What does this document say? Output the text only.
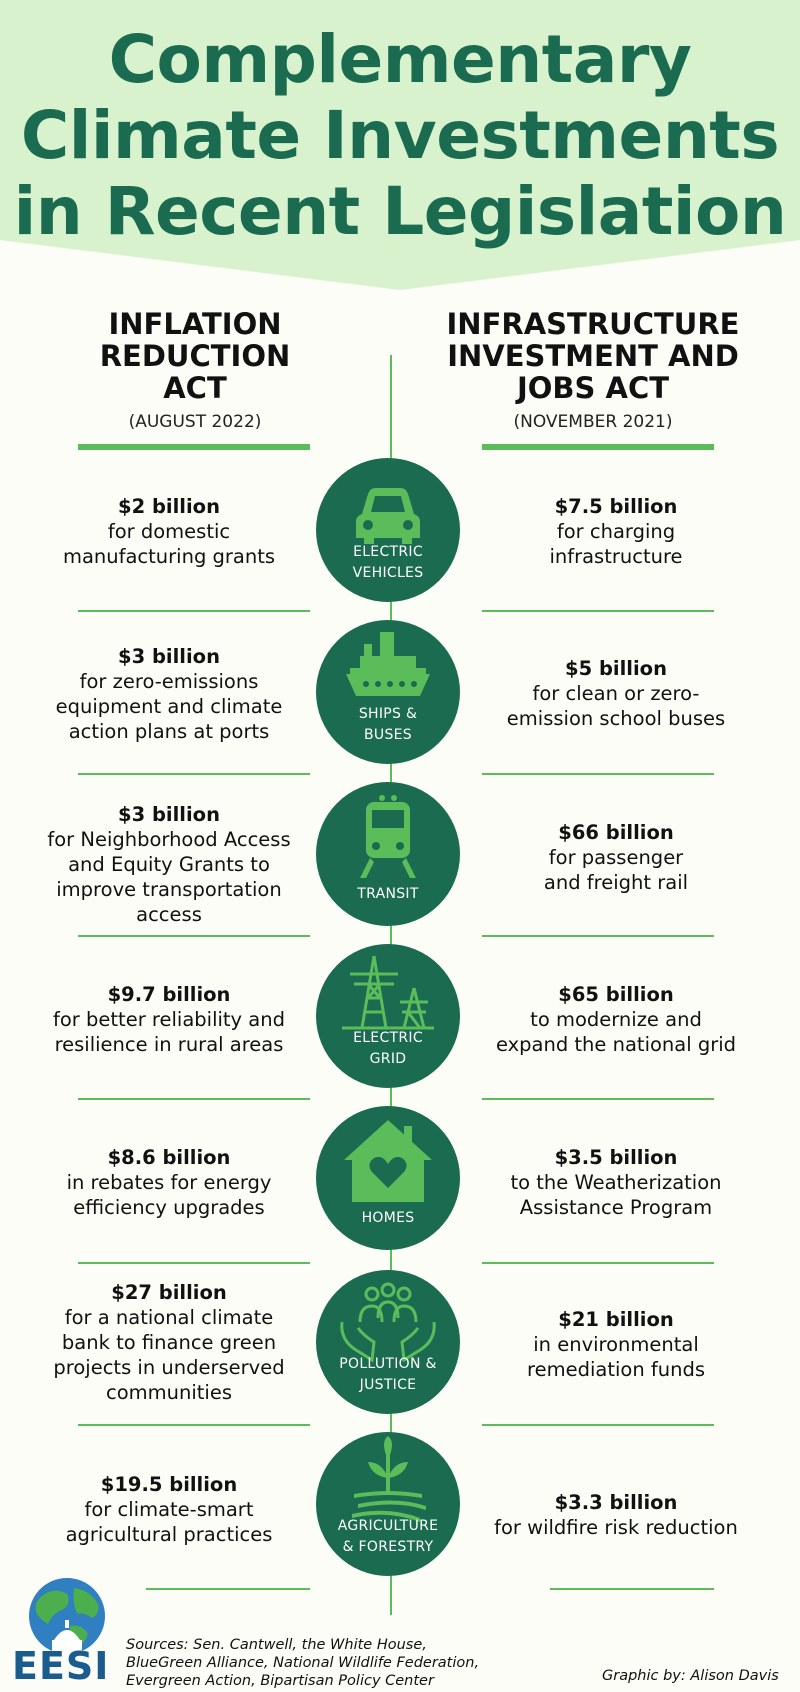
Complementary
Climate Investments
in Recent Legislation
INFLATION
REDUCTION
ACT
(AUGUST 2022)
INFRASTRUCTURE
INVESTMENT AND
JOBS ACT
(NOVEMBER 2021)
ELECTRIC
VEHICLES
$2 billion
for domestic
manufacturing grants
$7.5 billion
for charging
infrastructure
SHIPS &
BUSES
$3 billion
for zero-emissions
equipment and climate
action plans at ports
$5 billion
for clean or zero-
emission school buses
TRANSIT
$3 billion
for Neighborhood Access
and Equity Grants to
improve transportation
access
$66 billion
for passenger
and freight rail
ELECTRIC
GRID
$9.7 billion
for better reliability and
resilience in rural areas
$65 billion
to modernize and
expand the national grid
HOMES
$8.6 billion
in rebates for energy
efficiency upgrades
$3.5 billion
to the Weatherization
Assistance Program
POLLUTION &
JUSTICE
$27 billion
for a national climate
bank to finance green
projects in underserved
communities
$21 billion
in environmental
remediation funds
AGRICULTURE
& FORESTRY
$19.5 billion
for climate-smart
agricultural practices
$3.3 billion
for wildfire risk reduction
EESI Sources: Sen. Cantwell, the White House,
BlueGreen Alliance, National Wildlife Federation,
Evergreen Action, Bipartisan Policy Center	Graphic by: Alison Davis
